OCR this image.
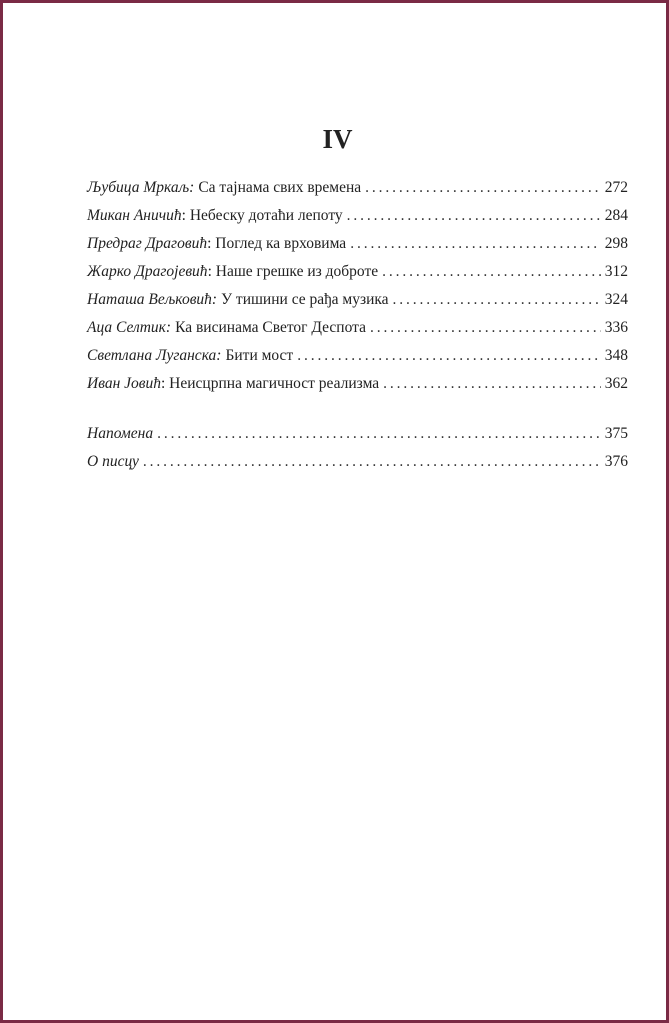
IV
Љубица Мркаљ: Са тајнама свих времена . . .	272
Микан Аничић : Небеску дотаћи лепоту . . .	284
Предраг Драговић : Поглед ка врховима . . .	298
Жарко Драгојевић : Наше грешке из доброте . . .	312
Наташа Вељковић: У тишини се рађа музика . . .	324
Аца Селтик: Ка висинама Светог Деспота . . .	336
Светлана Луганска: Бити мост . . .	348
Иван Јовић : Неисцрпна магичност реализма . . .	362
Напомена . . .	375
О писцу . . .	376
